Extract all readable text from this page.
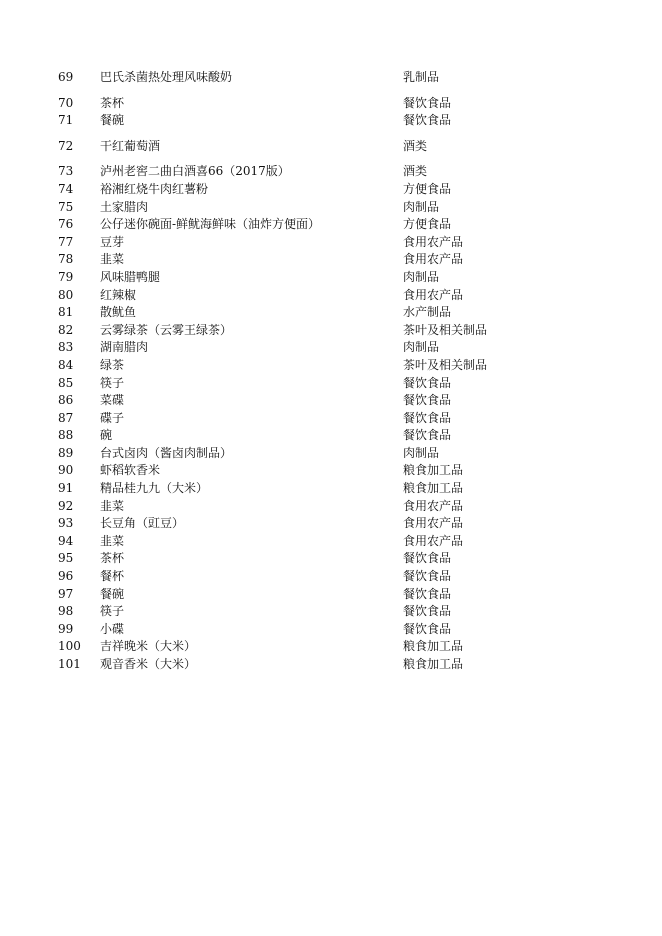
69	巴氏杀菌热处理风味酸奶	乳制品
70	茶杯	餐饮食品
71	餐碗	餐饮食品
72	干红葡萄酒	酒类
73	泸州老窖二曲白酒喜66（2017版）	酒类
74	裕湘红烧牛肉红薯粉	方便食品
75	土家腊肉	肉制品
76	公仔迷你碗面-鲜鱿海鲜味（油炸方便面）	方便食品
77	豆芽	食用农产品
78	韭菜	食用农产品
79	风味腊鸭腿	肉制品
80	红辣椒	食用农产品
81	散鱿鱼	水产制品
82	云雾绿茶（云雾王绿茶）	茶叶及相关制品
83	湖南腊肉	肉制品
84	绿茶	茶叶及相关制品
85	筷子	餐饮食品
86	菜碟	餐饮食品
87	碟子	餐饮食品
88	碗	餐饮食品
89	台式卤肉（酱卤肉制品）	肉制品
90	虾稻软香米	粮食加工品
91	精品桂九九（大米）	粮食加工品
92	韭菜	食用农产品
93	长豆角（豇豆）	食用农产品
94	韭菜	食用农产品
95	茶杯	餐饮食品
96	餐杯	餐饮食品
97	餐碗	餐饮食品
98	筷子	餐饮食品
99	小碟	餐饮食品
100	吉祥晚米（大米）	粮食加工品
101	观音香米（大米）	粮食加工品
